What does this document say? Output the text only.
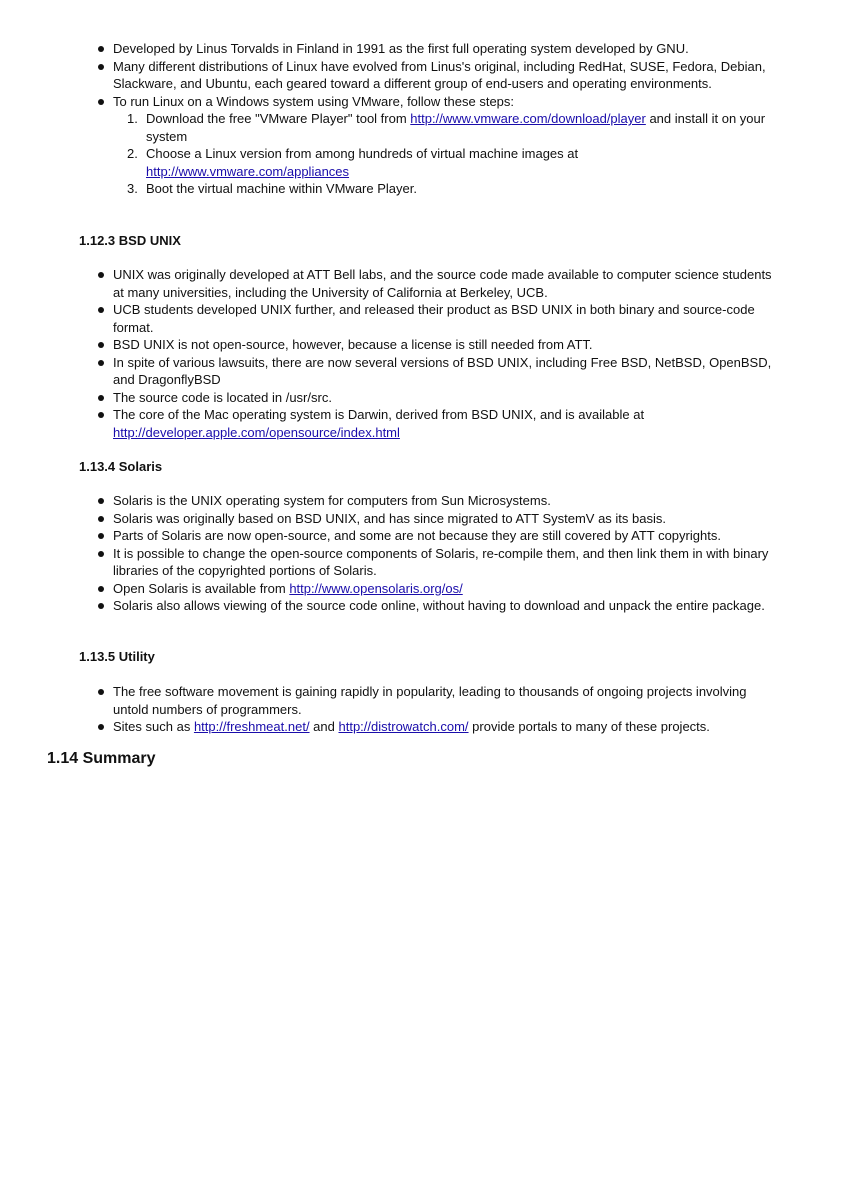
Developed by Linus Torvalds in Finland in 1991 as the first full operating system developed by GNU.
Many different distributions of Linux have evolved from Linus's original, including RedHat, SUSE, Fedora, Debian, Slackware, and Ubuntu, each geared toward a different group of end-users and operating environments.
To run Linux on a Windows system using VMware, follow these steps:
1. Download the free "VMware Player" tool from http://www.vmware.com/download/player and install it on your system
2. Choose a Linux version from among hundreds of virtual machine images at http://www.vmware.com/appliances
3. Boot the virtual machine within VMware Player.
1.12.3 BSD UNIX
UNIX was originally developed at ATT Bell labs, and the source code made available to computer science students at many universities, including the University of California at Berkeley, UCB.
UCB students developed UNIX further, and released their product as BSD UNIX in both binary and source-code format.
BSD UNIX is not open-source, however, because a license is still needed from ATT.
In spite of various lawsuits, there are now several versions of BSD UNIX, including Free BSD, NetBSD, OpenBSD, and DragonflyBSD
The source code is located in /usr/src.
The core of the Mac operating system is Darwin, derived from BSD UNIX, and is available at http://developer.apple.com/opensource/index.html
1.13.4 Solaris
Solaris is the UNIX operating system for computers from Sun Microsystems.
Solaris was originally based on BSD UNIX, and has since migrated to ATT SystemV as its basis.
Parts of Solaris are now open-source, and some are not because they are still covered by ATT copyrights.
It is possible to change the open-source components of Solaris, re-compile them, and then link them in with binary libraries of the copyrighted portions of Solaris.
Open Solaris is available from http://www.opensolaris.org/os/
Solaris also allows viewing of the source code online, without having to download and unpack the entire package.
1.13.5 Utility
The free software movement is gaining rapidly in popularity, leading to thousands of ongoing projects involving untold numbers of programmers.
Sites such as http://freshmeat.net/ and http://distrowatch.com/ provide portals to many of these projects.
1.14 Summary
